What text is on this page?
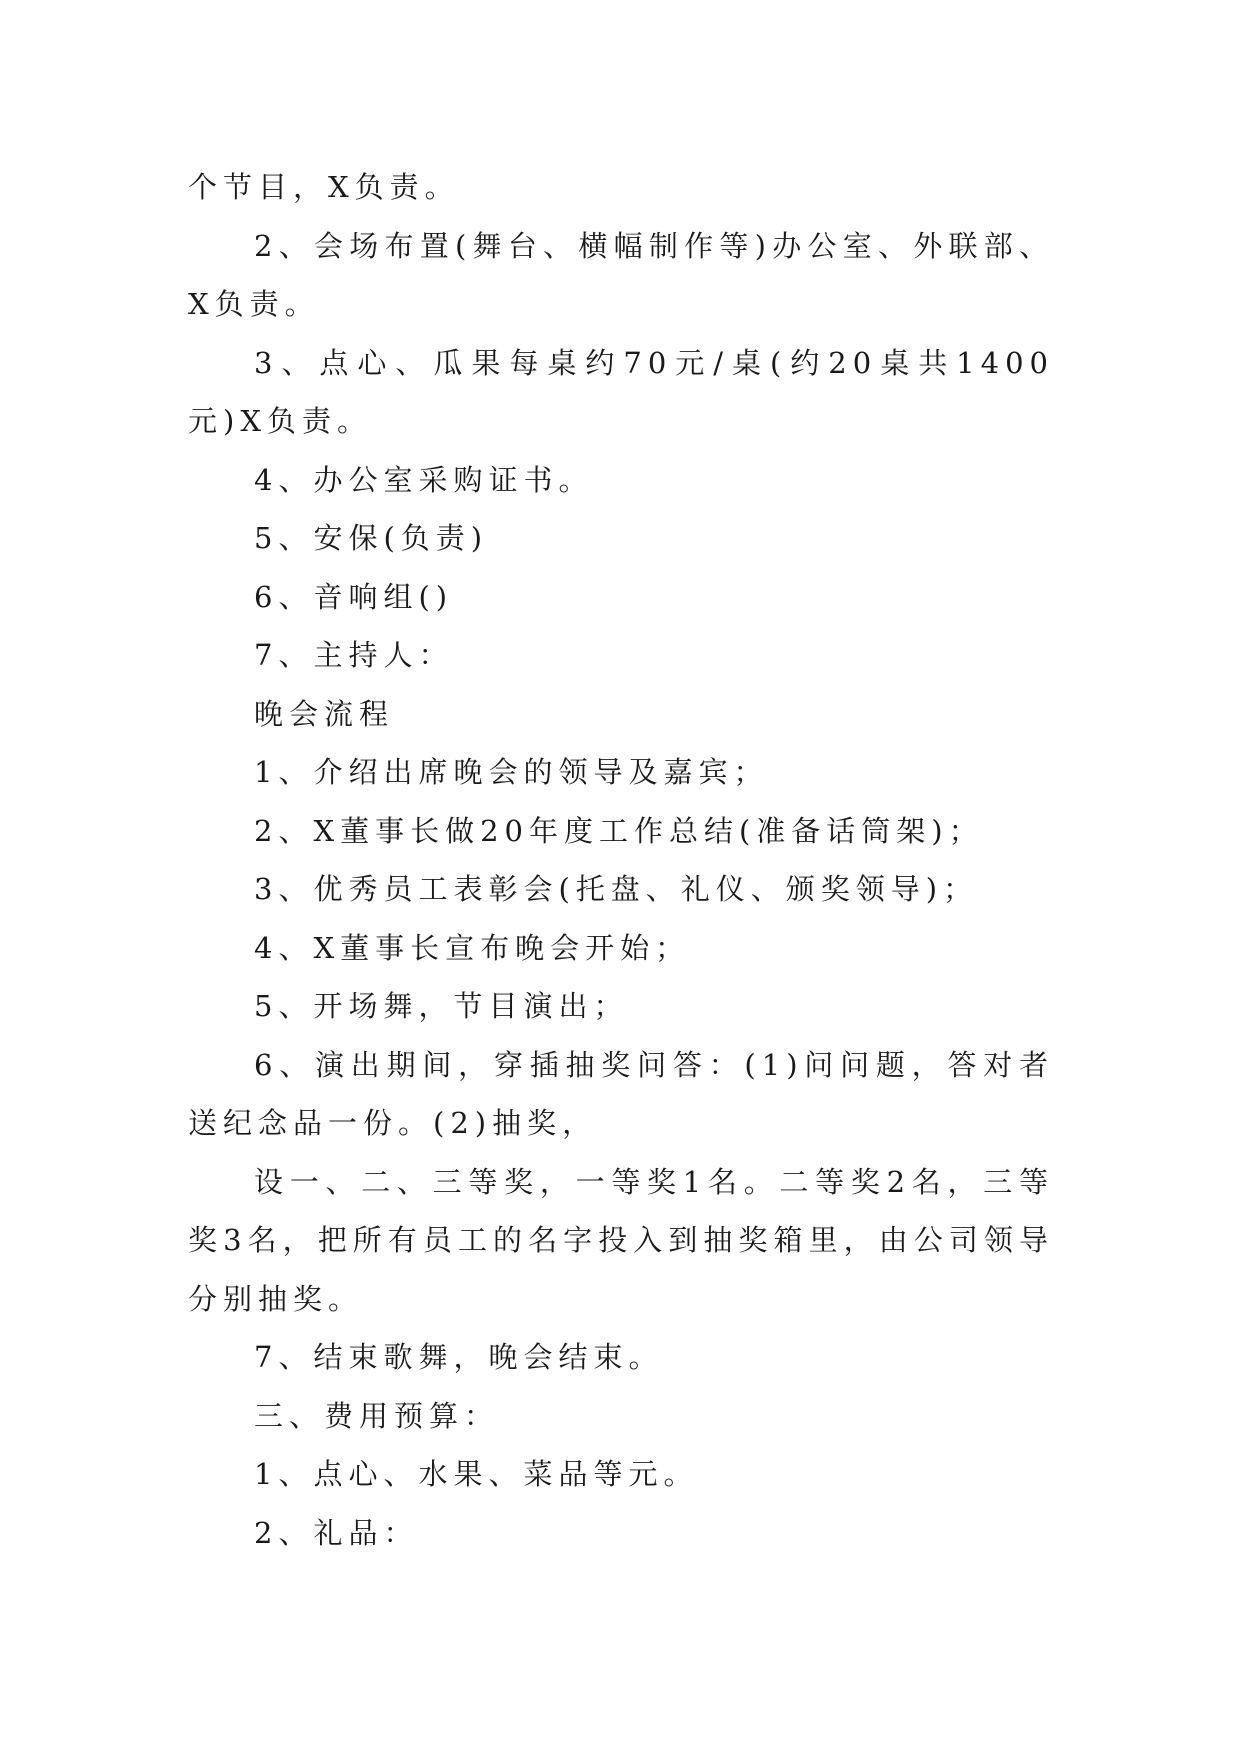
个节目，X负责。

2、会场布置(舞台、横幅制作等)办公室、外联部、X负责。

3、点心、瓜果每桌约70元/桌(约20桌共1400元)X负责。

4、办公室采购证书。

5、安保(负责)

6、音响组()

7、主持人：

晚会流程

1、介绍出席晚会的领导及嘉宾；

2、X董事长做20年度工作总结(准备话筒架)；

3、优秀员工表彰会(托盘、礼仪、颁奖领导)；

4、X董事长宣布晚会开始；

5、开场舞，节目演出；

6、演出期间，穿插抽奖问答：(1)问问题，答对者送纪念品一份。(2)抽奖，

设一、二、三等奖，一等奖1名。二等奖2名，三等奖3名，把所有员工的名字投入到抽奖箱里，由公司领导分别抽奖。

7、结束歌舞，晚会结束。

三、费用预算：

1、点心、水果、菜品等元。

2、礼品：
